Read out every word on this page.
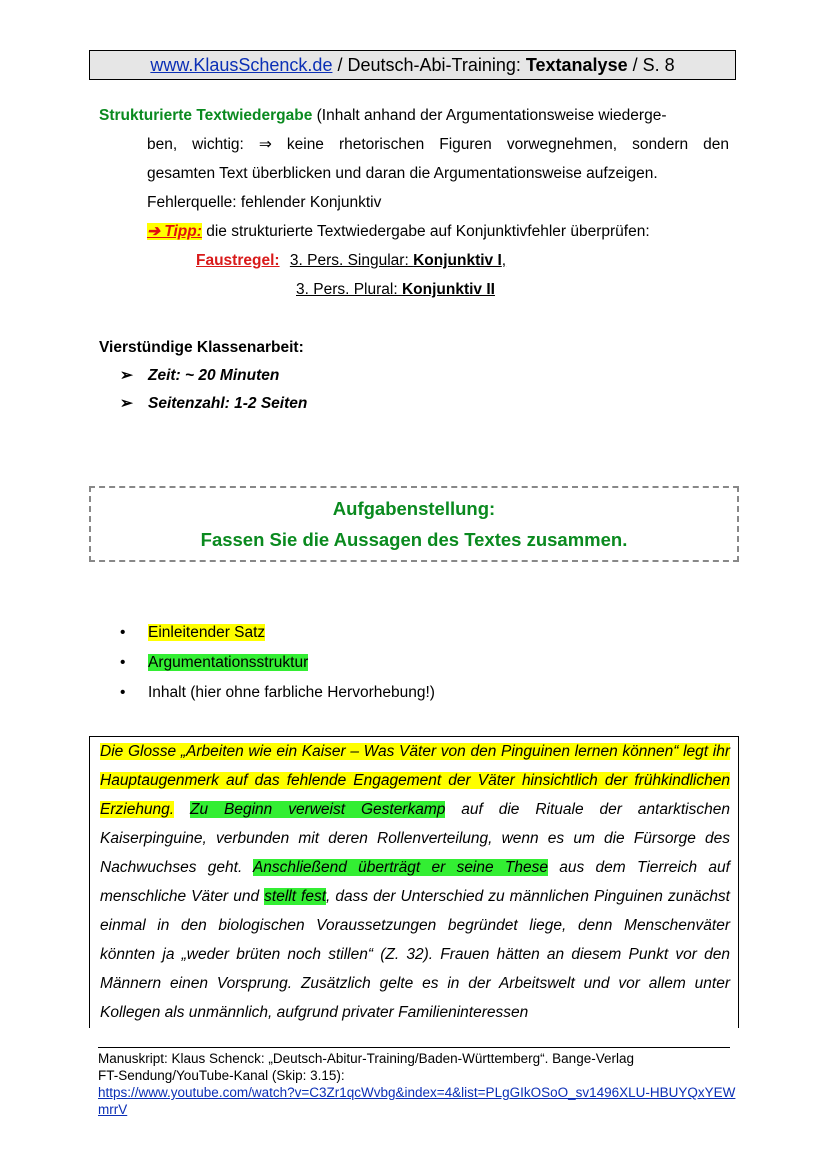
www.KlausSchenck.de / Deutsch-Abi-Training: Textanalyse / S. 8
Strukturierte Textwiedergabe (Inhalt anhand der Argumentationsweise wiederge-
ben, wichtig: ⇒ keine rhetorischen Figuren vorwegnehmen, sondern den
gesamten Text überblicken und daran die Argumentationsweise aufzeigen.
Fehlerquelle: fehlender Konjunktiv
➔ Tipp: die strukturierte Textwiedergabe auf Konjunktivfehler überprüfen:
Faustregel: 3. Pers. Singular: Konjunktiv I,
3. Pers. Plural: Konjunktiv II
Vierstündige Klassenarbeit:
➢ Zeit: ~ 20 Minuten
➢ Seitenzahl: 1-2 Seiten
Aufgabenstellung:
Fassen Sie die Aussagen des Textes zusammen.
• Einleitender Satz
• Argumentationsstruktur
• Inhalt (hier ohne farbliche Hervorhebung!)
Die Glosse „Arbeiten wie ein Kaiser – Was Väter von den Pinguinen lernen können“ legt ihr Hauptaugenmerk auf das fehlende Engagement der Väter hinsichtlich der frühkindlichen Erziehung. Zu Beginn verweist Gesterkamp auf die Rituale der antarktischen Kaiserpinguine, verbunden mit deren Rollenverteilung, wenn es um die Fürsorge des Nachwuchses geht. Anschließend überträgt er seine These aus dem Tierreich auf menschliche Väter und stellt fest, dass der Unterschied zu männlichen Pinguinen zunächst einmal in den biologischen Voraussetzungen begründet liege, denn Menschenväter könnten ja „weder brüten noch stillen“ (Z. 32). Frauen hätten an diesem Punkt vor den Männern einen Vorsprung. Zusätzlich gelte es in der Arbeitswelt und vor allem unter Kollegen als unmännlich, aufgrund privater Familieninteressen
Manuskript: Klaus Schenck: „Deutsch-Abitur-Training/Baden-Württemberg“. Bange-Verlag
FT-Sendung/YouTube-Kanal (Skip: 3.15):
https://www.youtube.com/watch?v=C3Zr1qcWvbg&index=4&list=PLgGIkOSoO_sv1496XLU-HBUYQxYEWmrrV
